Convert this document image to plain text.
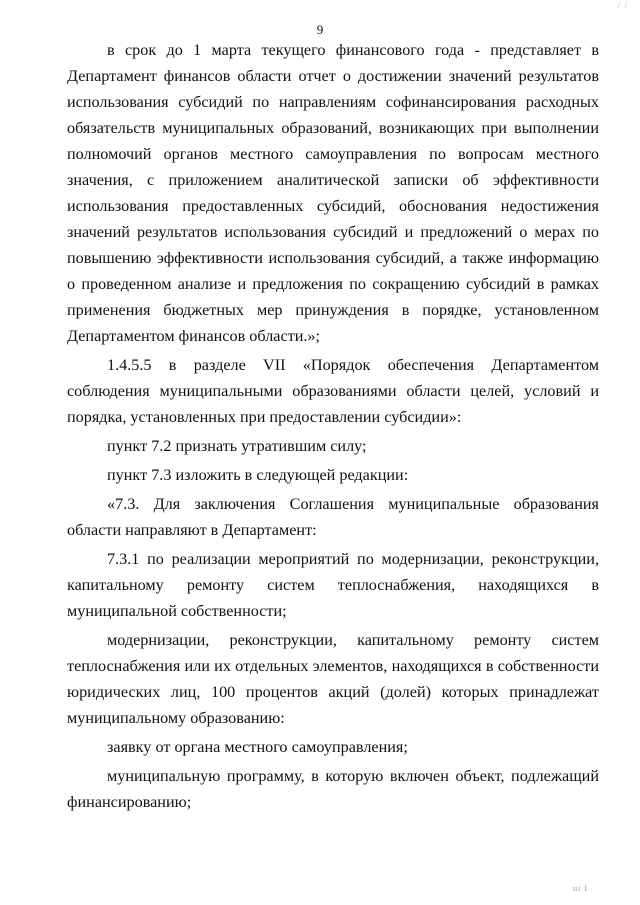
/ /
9

в срок до 1 марта текущего финансового года - представляет в Департамент финансов области отчет о достижении значений результатов использования субсидий по направлениям софинансирования расходных обязательств муниципальных образований, возникающих при выполнении полномочий органов местного самоуправления по вопросам местного значения, с приложением аналитической записки об эффективности использования предоставленных субсидий, обоснования недостижения значений результатов использования субсидий и предложений о мерах по повышению эффективности использования субсидий, а также информацию о проведенном анализе и предложения по сокращению субсидий в рамках применения бюджетных мер принуждения в порядке, установленном Департаментом финансов области.»;

1.4.5.5 в разделе VII «Порядок обеспечения Департаментом соблюдения муниципальными образованиями области целей, условий и порядка, установленных при предоставлении субсидии»:

пункт 7.2 признать утратившим силу;

пункт 7.3 изложить в следующей редакции:

«7.3. Для заключения Соглашения муниципальные образования области направляют в Департамент:

7.3.1 по реализации мероприятий по модернизации, реконструкции, капитальному ремонту систем теплоснабжения, находящихся в муниципальной собственности;

модернизации, реконструкции, капитальному ремонту систем теплоснабжения или их отдельных элементов, находящихся в собственности юридических лиц, 100 процентов акций (долей) которых принадлежат муниципальному образованию:

заявку от органа местного самоуправления;

муниципальную программу, в которую включен объект, подлежащий финансированию;

ні І
